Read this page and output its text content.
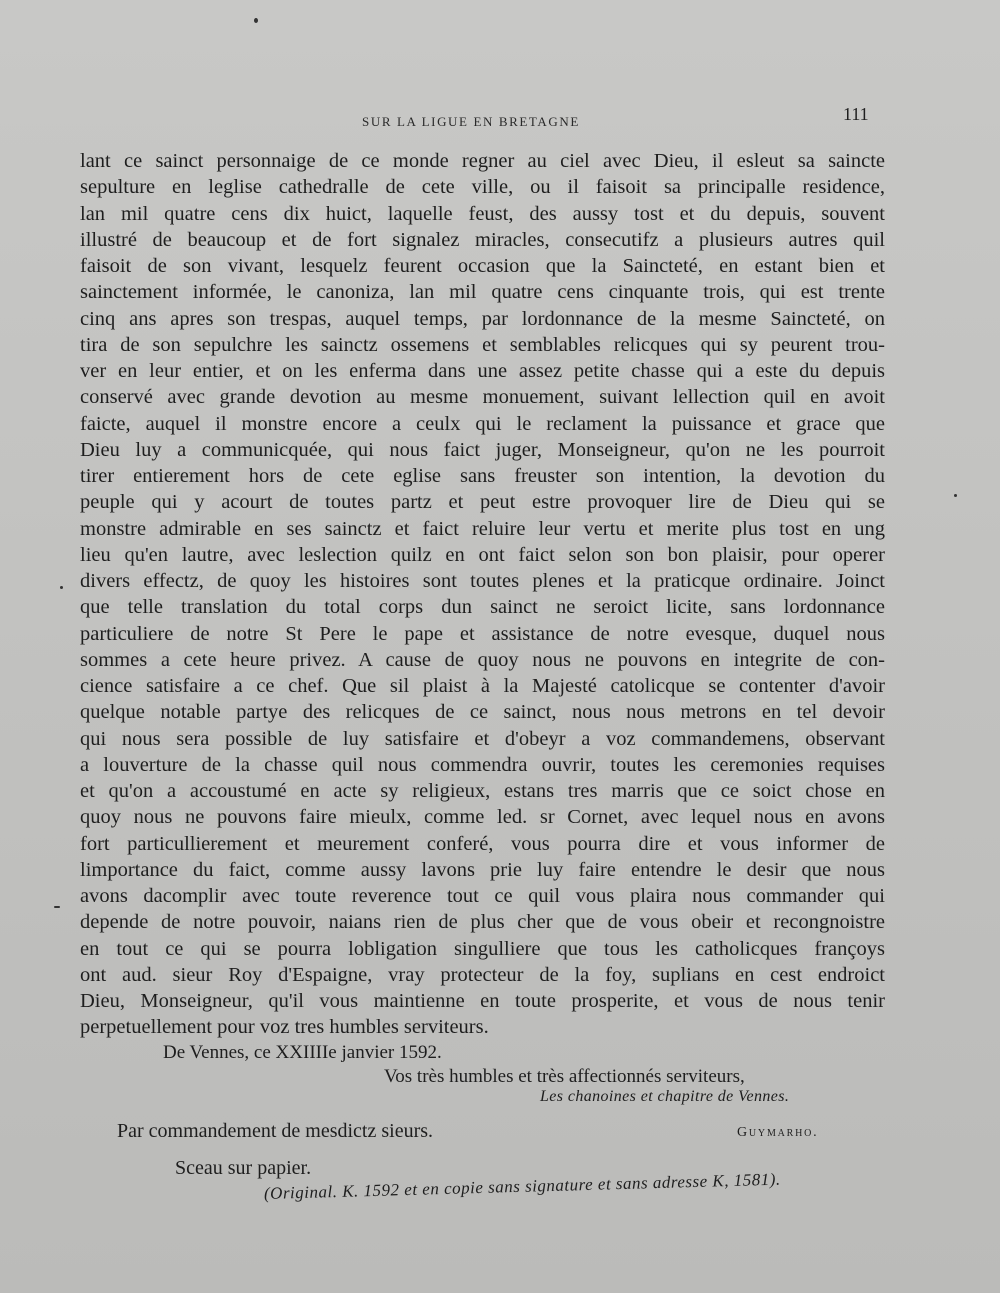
SUR LA LIGUE EN BRETAGNE	111
lant ce sainct personnaige de ce monde regner au ciel avec Dieu, il esleut sa saincte
sepulture en leglise cathedralle de cete ville, ou il faisoit sa principalle residence,
lan mil quatre cens dix huict, laquelle feust, des aussy tost et du depuis, souvent
illustré de beaucoup et de fort signalez miracles, consecutifz a plusieurs autres quil
faisoit de son vivant, lesquelz feurent occasion que la Saincteté, en estant bien et
sainctement informée, le canoniza, lan mil quatre cens cinquante trois, qui est trente
cinq ans apres son trespas, auquel temps, par lordonnance de la mesme Saincteté, on
tira de son sepulchre les sainctz ossemens et semblables relicques qui sy peurent trou-
ver en leur entier, et on les enferma dans une assez petite chasse qui a este du depuis
conservé avec grande devotion au mesme monuement, suivant lellection quil en avoit
faicte, auquel il monstre encore a ceulx qui le reclament la puissance et grace que
Dieu luy a communicquée, qui nous faict juger, Monseigneur, qu'on ne les pourroit
tirer entierement hors de cete eglise sans freuster son intention, la devotion du
peuple qui y acourt de toutes partz et peut estre provoquer lire de Dieu qui se
monstre admirable en ses sainctz et faict reluire leur vertu et merite plus tost en ung
lieu qu'en lautre, avec leslection quilz en ont faict selon son bon plaisir, pour operer
divers effectz, de quoy les histoires sont toutes plenes et la praticque ordinaire. Joinct
que telle translation du total corps dun sainct ne seroict licite, sans lordonnance
particuliere de notre St Pere le pape et assistance de notre evesque, duquel nous
sommes a cete heure privez. A cause de quoy nous ne pouvons en integrite de con-
cience satisfaire a ce chef. Que sil plaist à la Majesté catolicque se contenter d'avoir
quelque notable partye des relicques de ce sainct, nous nous metrons en tel devoir
qui nous sera possible de luy satisfaire et d'obeyr a voz commandemens, observant
a louverture de la chasse quil nous commendra ouvrir, toutes les ceremonies requises
et qu'on a accoustumé en acte sy religieux, estans tres marris que ce soict chose en
quoy nous ne pouvons faire mieulx, comme led. sr Cornet, avec lequel nous en avons
fort particullierement et meurement conferé, vous pourra dire et vous informer de
limportance du faict, comme aussy lavons prie luy faire entendre le desir que nous
avons dacomplir avec toute reverence tout ce quil vous plaira nous commander qui
depende de notre pouvoir, naians rien de plus cher que de vous obeir et recongnoistre
en tout ce qui se pourra lobligation singulliere que tous les catholicques françoys
ont aud. sieur Roy d'Espaigne, vray protecteur de la foy, suplians en cest endroict
Dieu, Monseigneur, qu'il vous maintienne en toute prosperite, et vous de nous tenir
perpetuellement pour voz tres humbles serviteurs.
De Vennes, ce XXIIIIe janvier 1592.
Vos très humbles et très affectionnés serviteurs,
Les chanoines et chapitre de Vennes.
Par commandement de mesdictz sieurs.	Guymarho.
Sceau sur papier.
(Original. K. 1592 et en copie sans signature et sans adresse K, 1581).
